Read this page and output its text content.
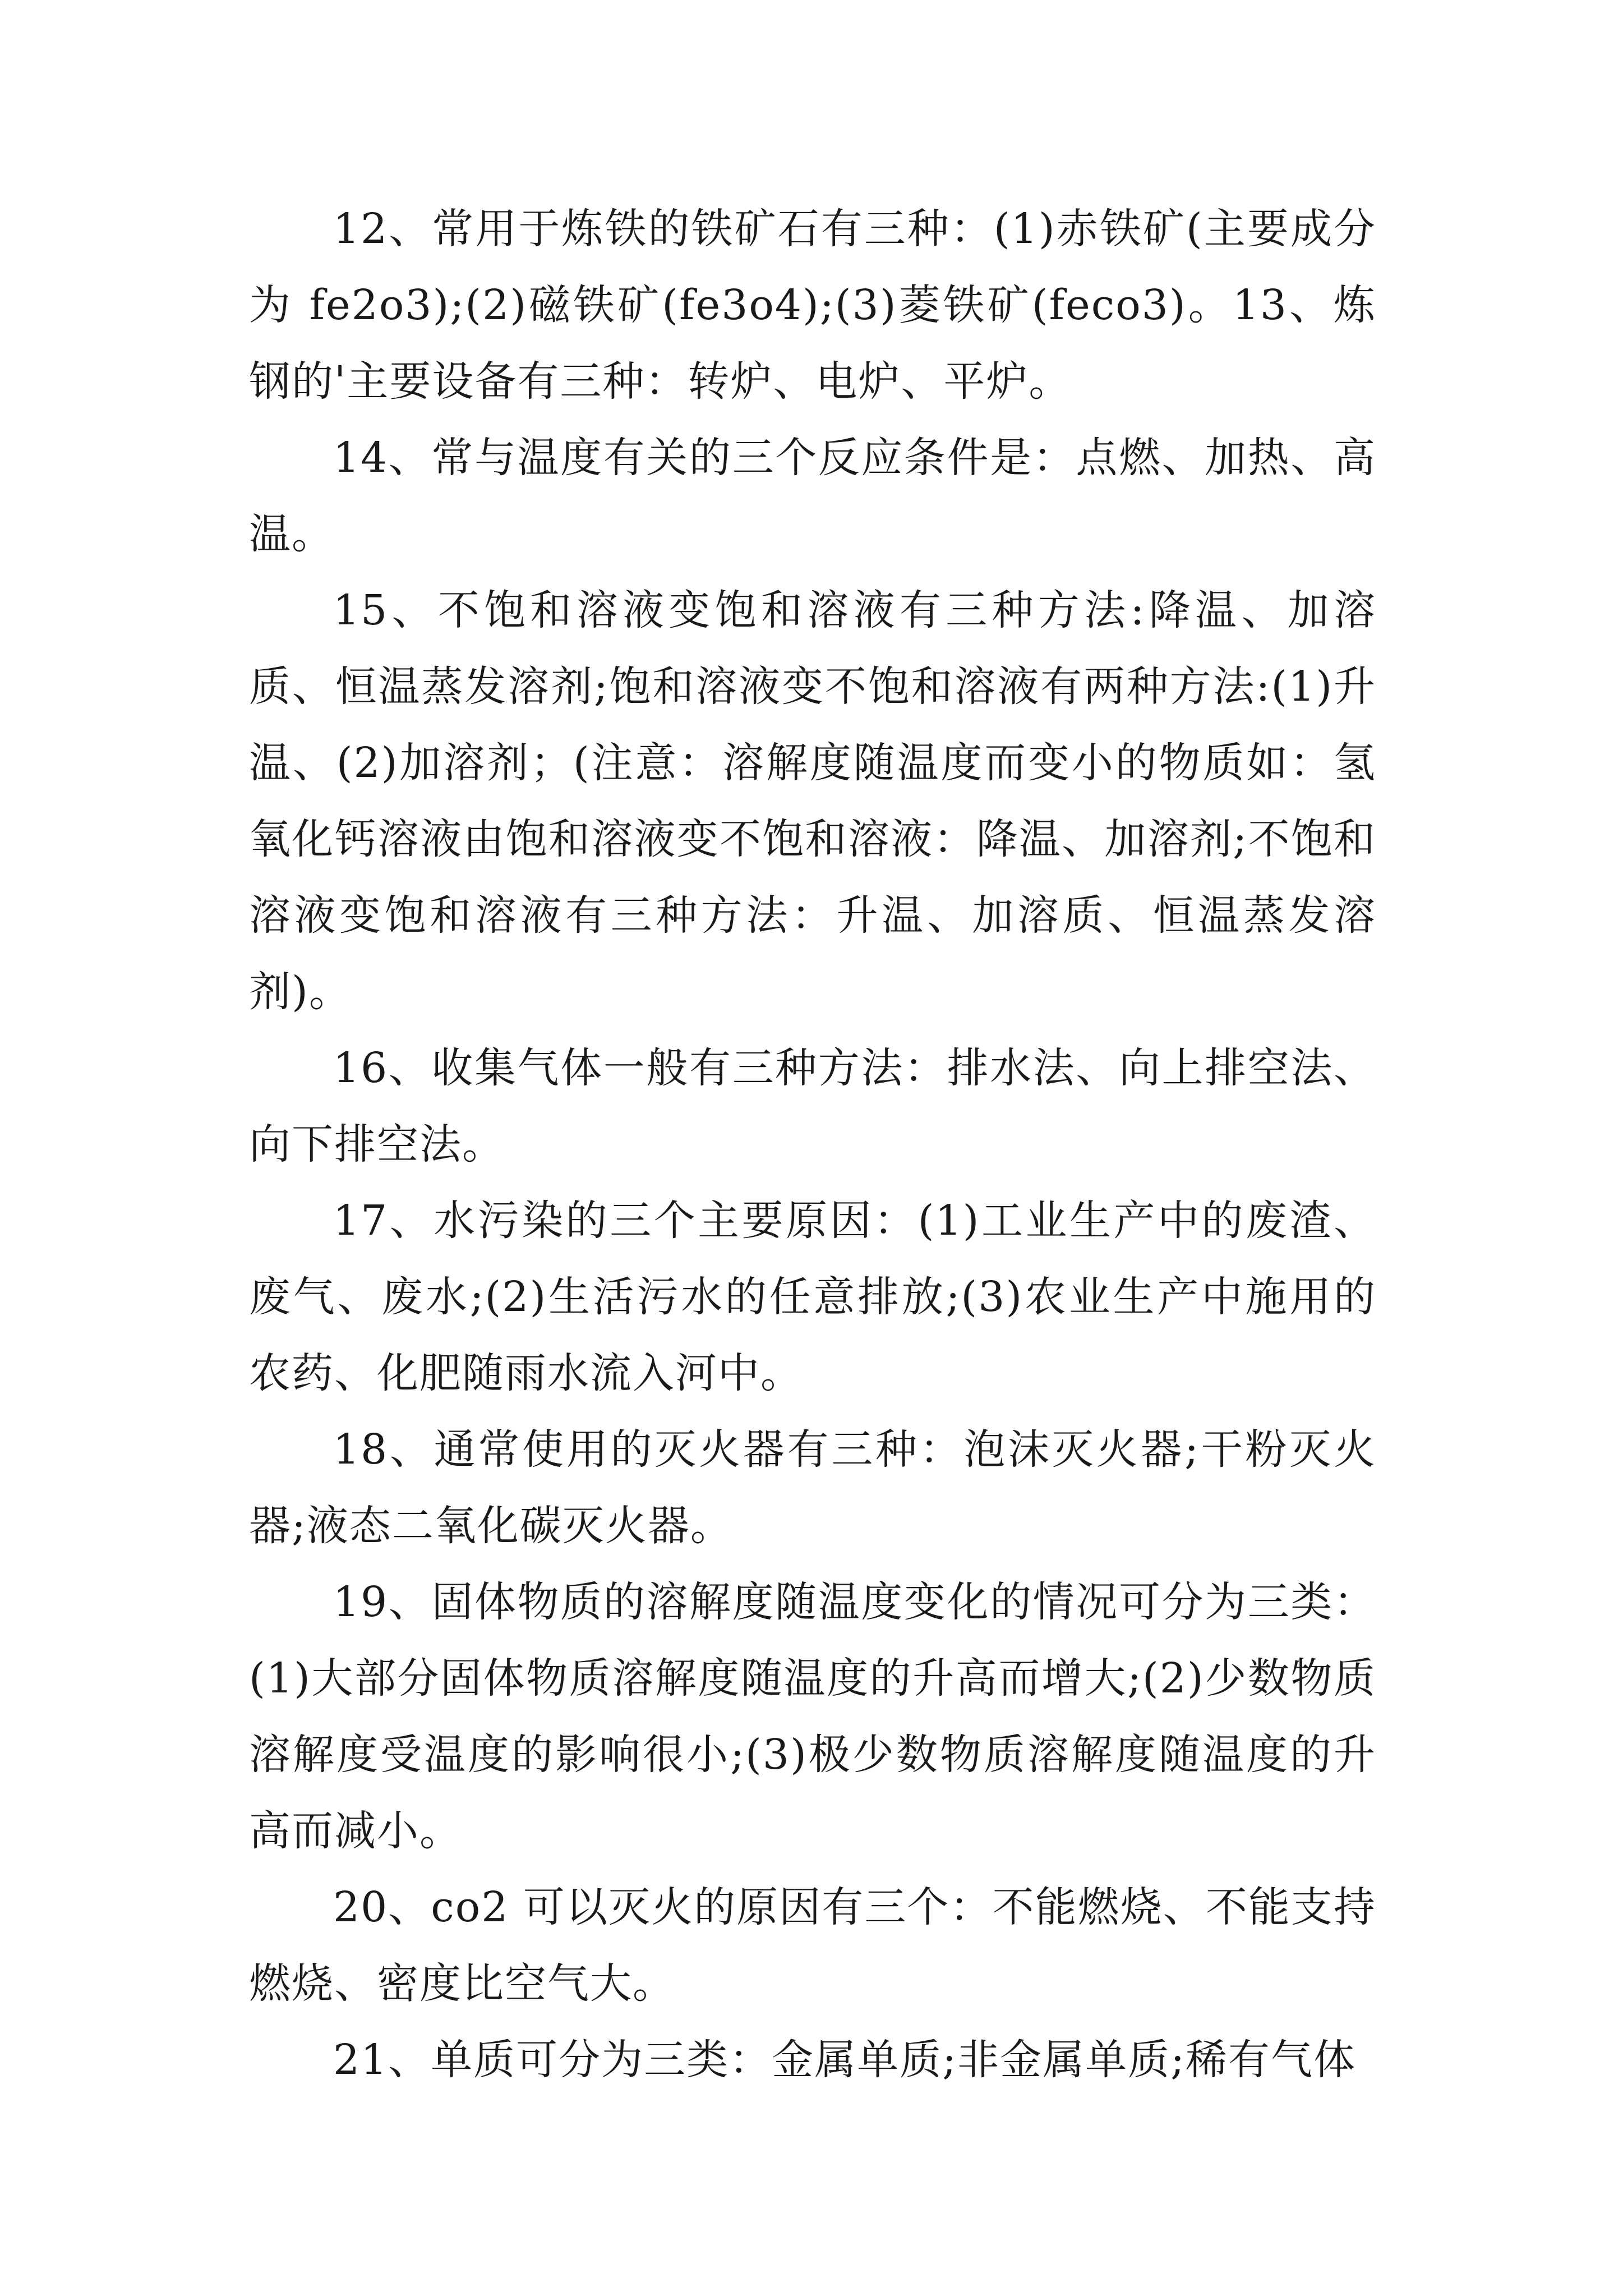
12、常用于炼铁的铁矿石有三种：(1)赤铁矿(主要成分为 fe2o3);(2)磁铁矿(fe3o4);(3)菱铁矿(feco3)。13、炼钢的'主要设备有三种：转炉、电炉、平炉。

14、常与温度有关的三个反应条件是：点燃、加热、高温。

15、不饱和溶液变饱和溶液有三种方法:降温、加溶质、恒温蒸发溶剂;饱和溶液变不饱和溶液有两种方法:(1)升温、(2)加溶剂；(注意：溶解度随温度而变小的物质如：氢氧化钙溶液由饱和溶液变不饱和溶液：降温、加溶剂;不饱和溶液变饱和溶液有三种方法：升温、加溶质、恒温蒸发溶剂)。

16、收集气体一般有三种方法：排水法、向上排空法、向下排空法。

17、水污染的三个主要原因：(1)工业生产中的废渣、废气、废水;(2)生活污水的任意排放;(3)农业生产中施用的农药、化肥随雨水流入河中。

18、通常使用的灭火器有三种：泡沫灭火器;干粉灭火器;液态二氧化碳灭火器。

19、固体物质的溶解度随温度变化的情况可分为三类：(1)大部分固体物质溶解度随温度的升高而增大;(2)少数物质溶解度受温度的影响很小;(3)极少数物质溶解度随温度的升高而减小。

20、co2 可以灭火的原因有三个：不能燃烧、不能支持燃烧、密度比空气大。

21、单质可分为三类：金属单质;非金属单质;稀有气体
